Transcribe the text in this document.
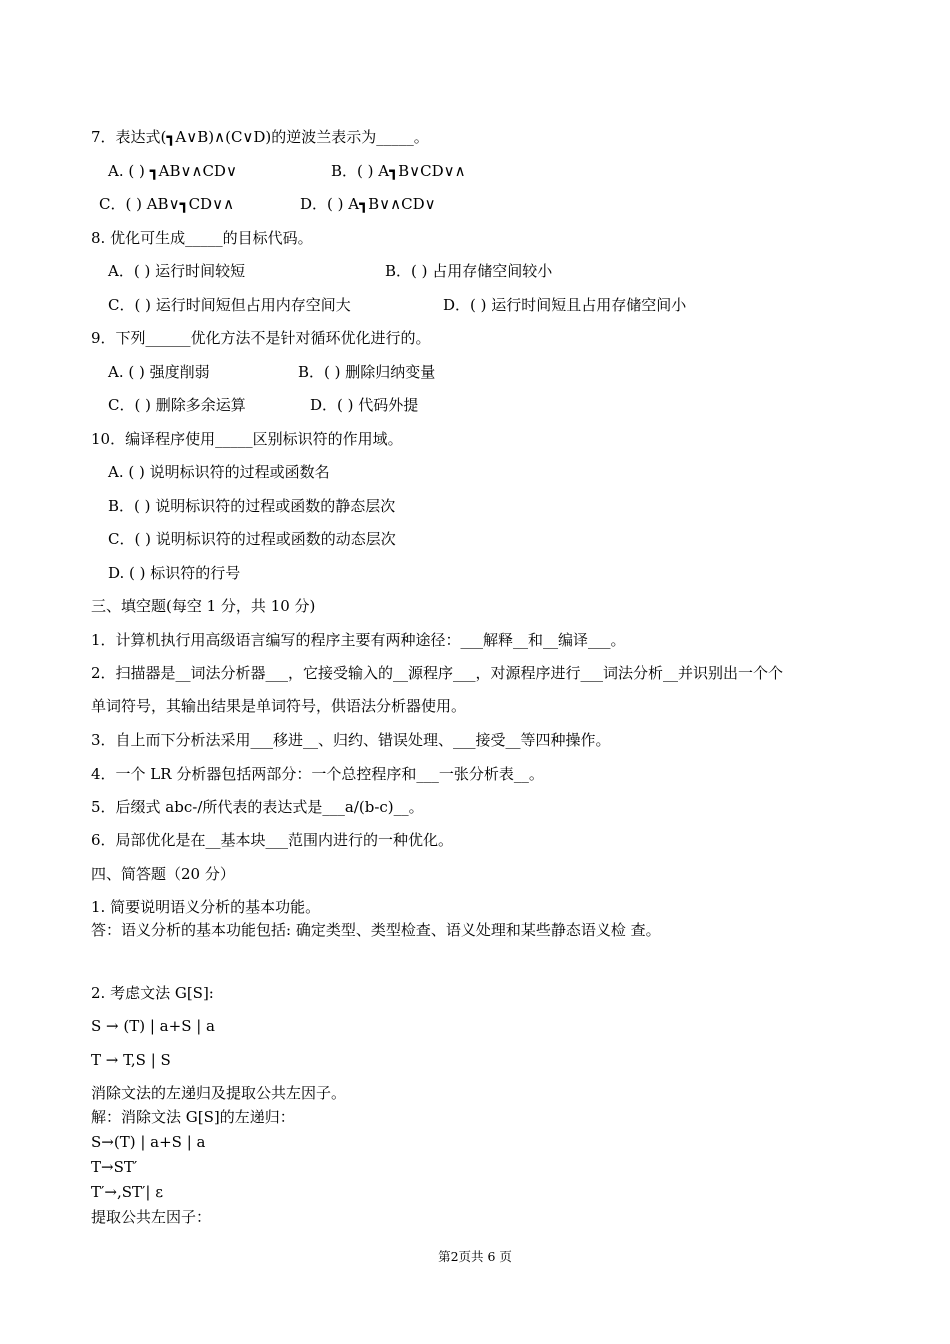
7．表达式(┓A∨B)∧(C∨D)的逆波兰表示为_____。
A. ( ) ┓AB∨∧CD∨	B．( ) A┓B∨CD∨∧
C．( ) AB∨┓CD∨∧	D．( ) A┓B∨∧CD∨
8. 优化可生成_____的目标代码。
A．( ) 运行时间较短	B．( ) 占用存储空间较小
C．( ) 运行时间短但占用内存空间大	D．( ) 运行时间短且占用存储空间小
9．下列______优化方法不是针对循环优化进行的。
A. ( ) 强度削弱	B．( ) 删除归纳变量
C．( ) 删除多余运算	D．( ) 代码外提
10．编译程序使用_____区别标识符的作用域。
A. ( ) 说明标识符的过程或函数名
B．( ) 说明标识符的过程或函数的静态层次
C．( ) 说明标识符的过程或函数的动态层次
D. ( ) 标识符的行号
三、填空题(每空 1 分，共 10 分)
1．计算机执行用高级语言编写的程序主要有两种途径：___解释__和__编译___。
2．扫描器是__词法分析器___，它接受输入的__源程序___，对源程序进行___词法分析__并识别出一个个
单词符号，其输出结果是单词符号，供语法分析器使用。
3．自上而下分析法采用___移进__、归约、错误处理、___接受__等四种操作。
4．一个 LR 分析器包括两部分：一个总控程序和___一张分析表__。
5．后缀式 abc-/所代表的表达式是___a/(b-c)__。
6．局部优化是在__基本块___范围内进行的一种优化。
四、简答题（20 分）
1. 简要说明语义分析的基本功能。
答：语义分析的基本功能包括: 确定类型、类型检查、语义处理和某些静态语义检 查。
2. 考虑文法 G[S]:
S → (T) | a+S | a
T → T,S | S
消除文法的左递归及提取公共左因子。
解：消除文法 G[S]的左递归：
S→(T) | a+S | a
T→ST′
T′→,ST′| ε
提取公共左因子：
第2页共 6 页
